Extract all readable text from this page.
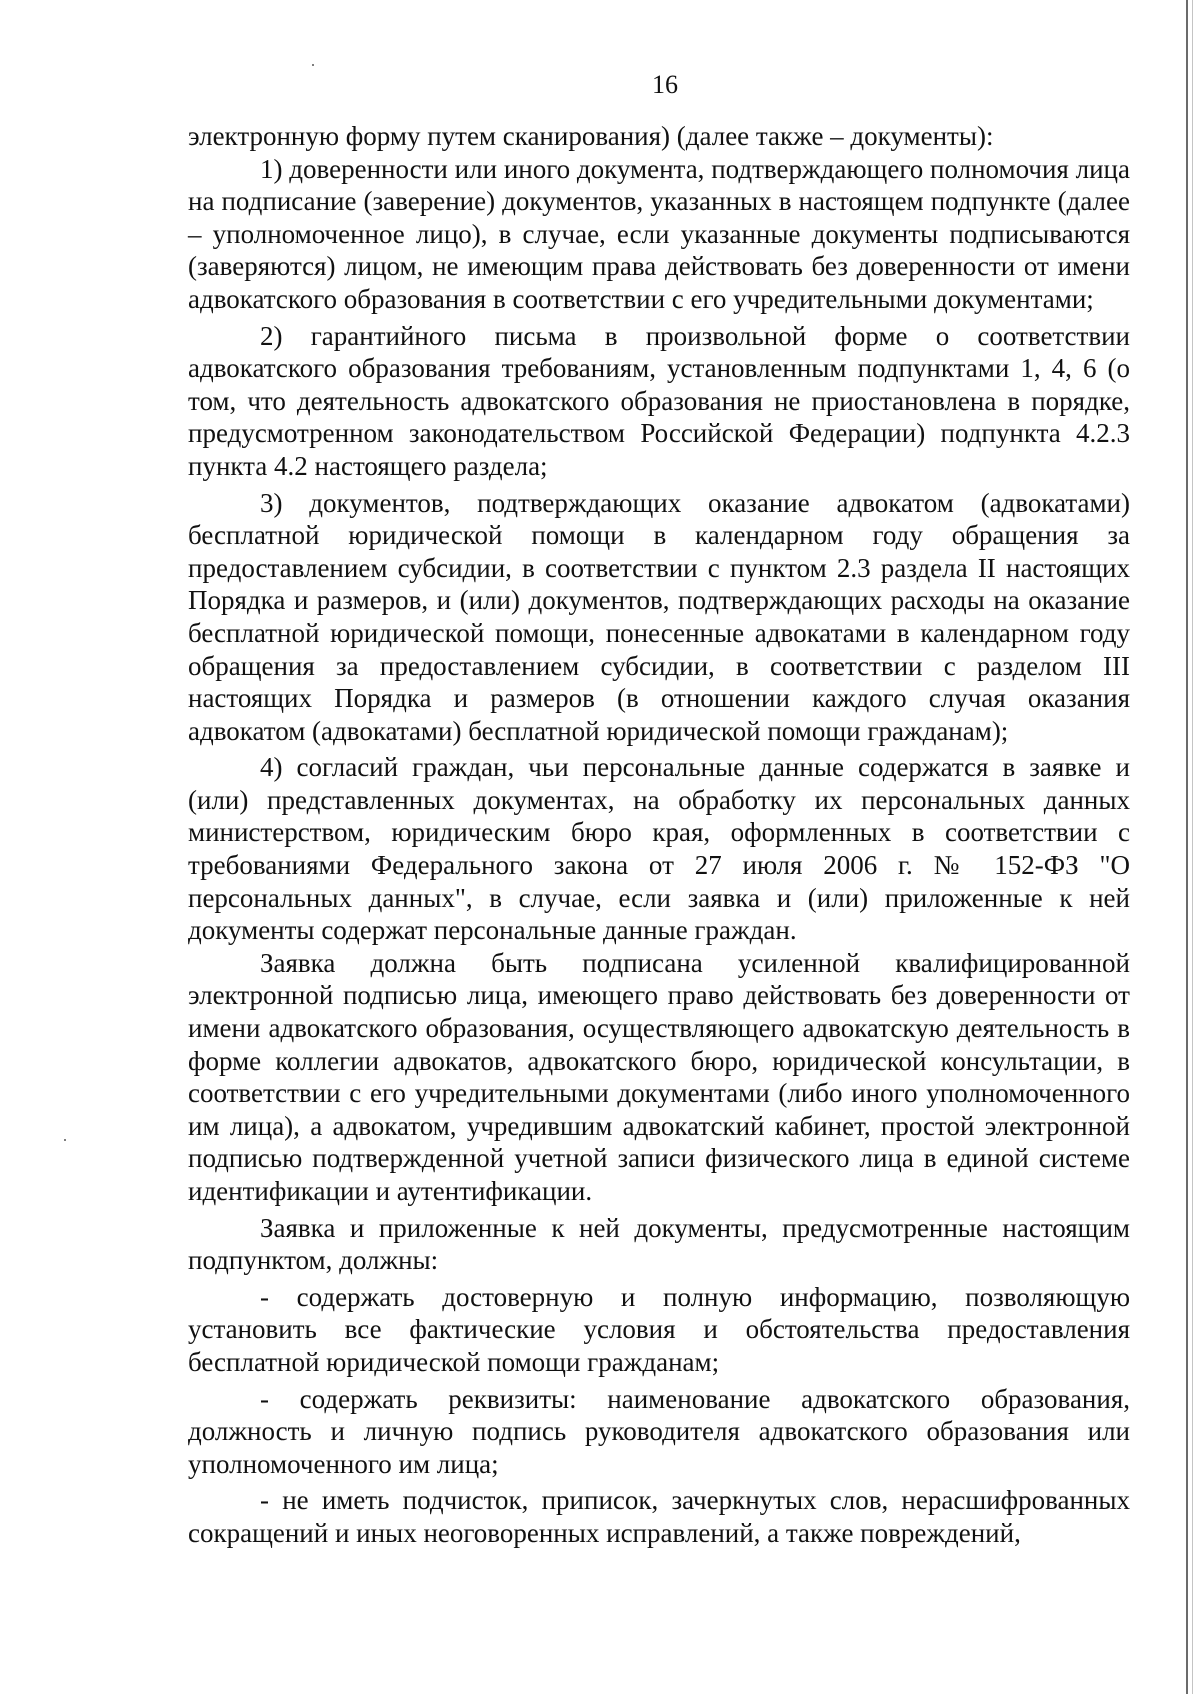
16

электронную форму путем сканирования) (далее также – документы):

1) доверенности или иного документа, подтверждающего полномочия лица на подписание (заверение) документов, указанных в настоящем подпункте (далее – уполномоченное лицо), в случае, если указанные документы подписываются (заверяются) лицом, не имеющим права действовать без доверенности от имени адвокатского образования в соответствии с его учредительными документами;

2) гарантийного письма в произвольной форме о соответствии адвокатского образования требованиям, установленным подпунктами 1, 4, 6 (о том, что деятельность адвокатского образования не приостановлена в порядке, предусмотренном законодательством Российской Федерации) подпункта 4.2.3 пункта 4.2 настоящего раздела;

3) документов, подтверждающих оказание адвокатом (адвокатами) бесплатной юридической помощи в календарном году обращения за предоставлением субсидии, в соответствии с пунктом 2.3 раздела II настоящих Порядка и размеров, и (или) документов, подтверждающих расходы на оказание бесплатной юридической помощи, понесенные адвокатами в календарном году обращения за предоставлением субсидии, в соответствии с разделом III настоящих Порядка и размеров (в отношении каждого случая оказания адвокатом (адвокатами) бесплатной юридической помощи гражданам);

4) согласий граждан, чьи персональные данные содержатся в заявке и (или) представленных документах, на обработку их персональных данных министерством, юридическим бюро края, оформленных в соответствии с требованиями Федерального закона от 27 июля 2006 г. № 152-ФЗ "О персональных данных", в случае, если заявка и (или) приложенные к ней документы содержат персональные данные граждан.

Заявка должна быть подписана усиленной квалифицированной электронной подписью лица, имеющего право действовать без доверенности от имени адвокатского образования, осуществляющего адвокатскую деятельность в форме коллегии адвокатов, адвокатского бюро, юридической консультации, в соответствии с его учредительными документами (либо иного уполномоченного им лица), а адвокатом, учредившим адвокатский кабинет, простой электронной подписью подтвержденной учетной записи физического лица в единой системе идентификации и аутентификации.

Заявка и приложенные к ней документы, предусмотренные настоящим подпунктом, должны:

- содержать достоверную и полную информацию, позволяющую установить все фактические условия и обстоятельства предоставления бесплатной юридической помощи гражданам;

- содержать реквизиты: наименование адвокатского образования, должность и личную подпись руководителя адвокатского образования или уполномоченного им лица;

- не иметь подчисток, приписок, зачеркнутых слов, нерасшифрованных сокращений и иных неоговоренных исправлений, а также повреждений,
